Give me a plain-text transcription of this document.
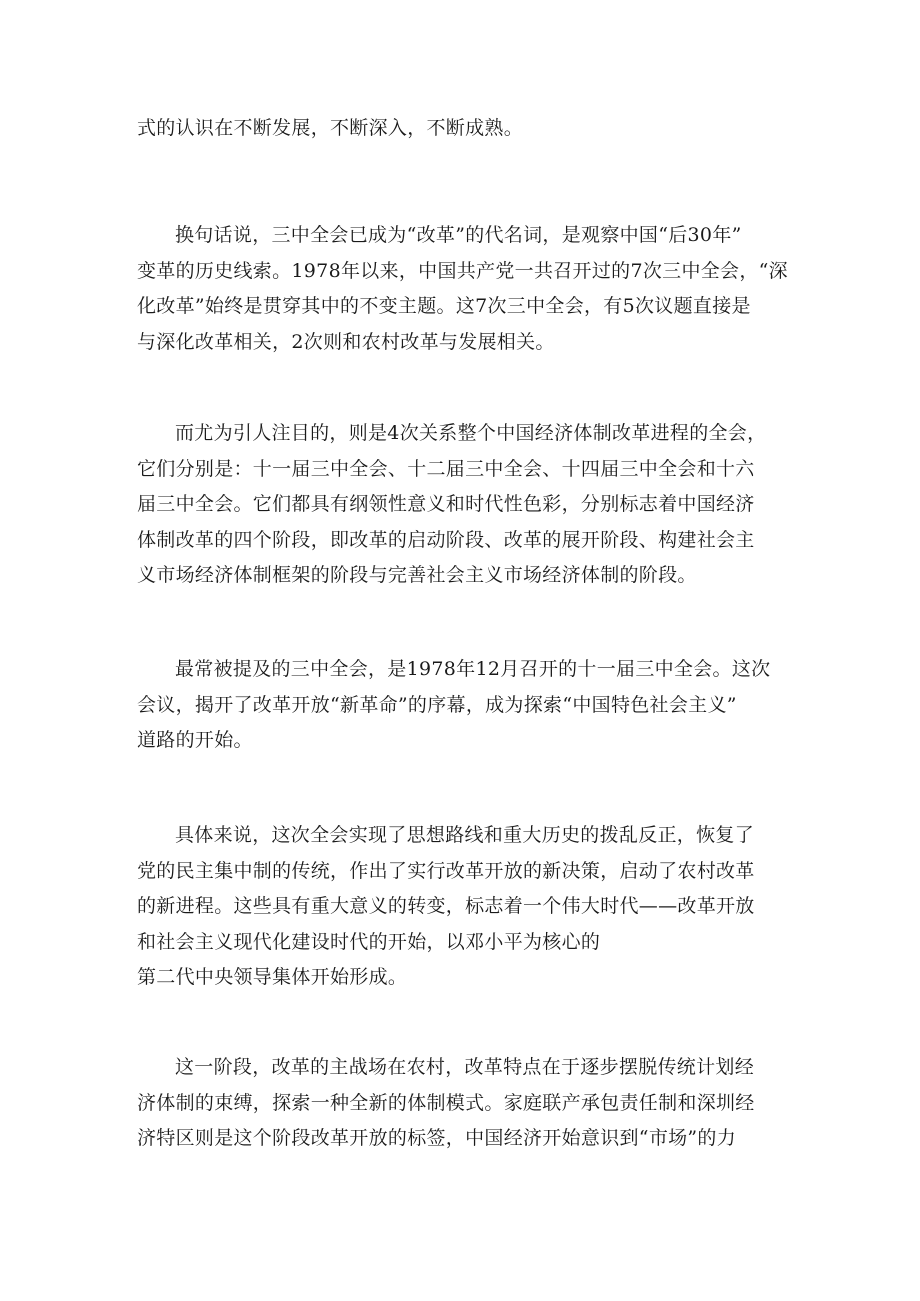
式的认识在不断发展，不断深入，不断成熟。

换句话说，三中全会已成为“改革”的代名词，是观察中国“后30年”
变革的历史线索。1978年以来，中国共产党一共召开过的7次三中全会，“深
化改革”始终是贯穿其中的不变主题。这7次三中全会，有5次议题直接是
与深化改革相关，2次则和农村改革与发展相关。

而尤为引人注目的，则是4次关系整个中国经济体制改革进程的全会，
它们分别是：十一届三中全会、十二届三中全会、十四届三中全会和十六
届三中全会。它们都具有纲领性意义和时代性色彩，分别标志着中国经济
体制改革的四个阶段，即改革的启动阶段、改革的展开阶段、构建社会主
义市场经济体制框架的阶段与完善社会主义市场经济体制的阶段。

最常被提及的三中全会，是1978年12月召开的十一届三中全会。这次
会议，揭开了改革开放“新革命”的序幕，成为探索“中国特色社会主义”
道路的开始。

具体来说，这次全会实现了思想路线和重大历史的拨乱反正，恢复了
党的民主集中制的传统，作出了实行改革开放的新决策，启动了农村改革
的新进程。这些具有重大意义的转变，标志着一个伟大时代——改革开放
和社会主义现代化建设时代的开始，以邓小平为核心的
第二代中央领导集体开始形成。

这一阶段，改革的主战场在农村，改革特点在于逐步摆脱传统计划经
济体制的束缚，探索一种全新的体制模式。家庭联产承包责任制和深圳经
济特区则是这个阶段改革开放的标签，中国经济开始意识到“市场”的力
